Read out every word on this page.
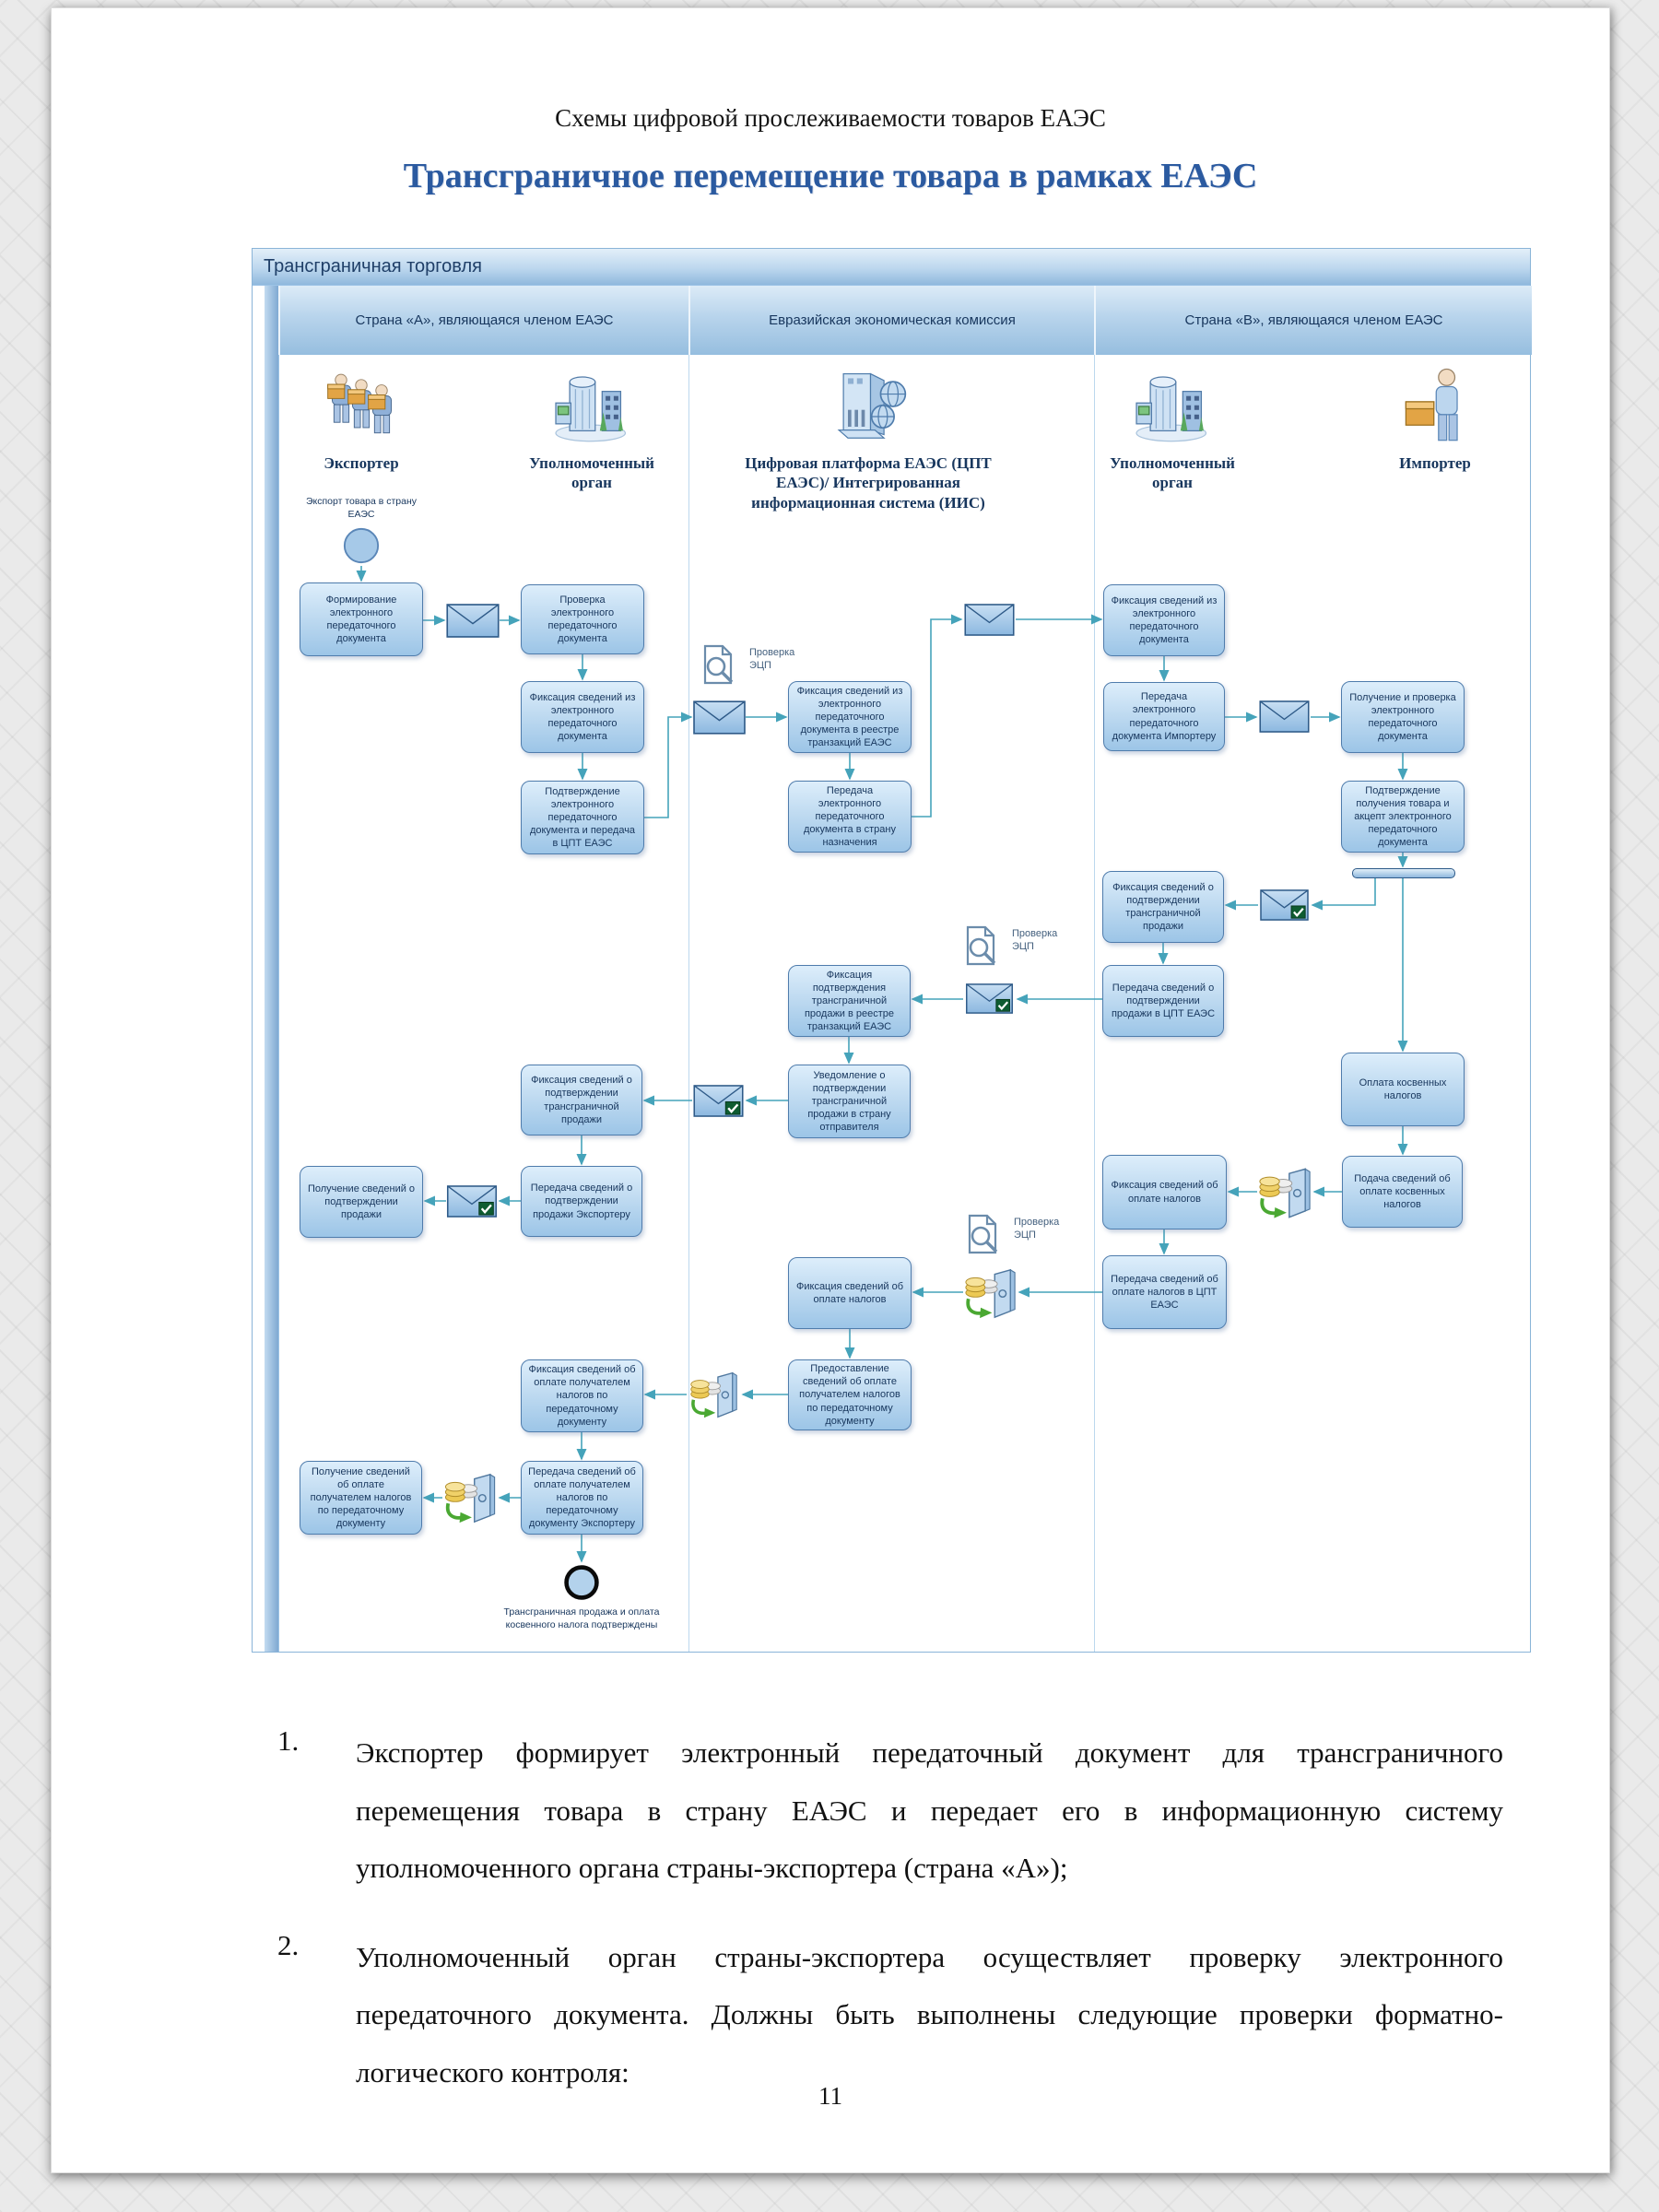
Схемы цифровой прослеживаемости товаров ЕАЭС
Трансграничное перемещение товара в рамках ЕАЭС
Трансграничная торговля
Страна «А», являющаяся членом ЕАЭС	Евразийская экономическая комиссия	Страна «В», являющаяся членом ЕАЭС
Экспортер
Экспорт товара в страну ЕАЭС
Уполномоченный орган
Цифровая платформа ЕАЭС (ЦПТ ЕАЭС)/ Интегрированная информационная система (ИИС)
Уполномоченный орган
Импортер
Трансграничная продажа и оплата косвенного налога подтверждены
Формирование электронного передаточного документа
Проверка электронного передаточного документа
Фиксация сведений из электронного передаточного документа
Подтверждение электронного передаточного документа и передача в ЦПТ ЕАЭС
Фиксация сведений из электронного передаточного документа в реестре транзакций ЕАЭС
Передача электронного передаточного документа в страну назначения
Фиксация сведений из электронного передаточного документа
Передача электронного передаточного документа Импортеру
Получение и проверка электронного передаточного документа
Подтверждение получения товара и акцепт электронного передаточного документа
Фиксация сведений о подтверждении трансграничной продажи
Передача сведений о подтверждении продажи в ЦПТ ЕАЭС
Оплата косвенных налогов
Подача сведений об оплате косвенных налогов
Фиксация сведений об оплате налогов
Передача сведений об оплате налогов в ЦПТ ЕАЭС
Фиксация подтверждения трансграничной продажи в реестре транзакций ЕАЭС
Уведомление о подтверждении трансграничной продажи в страну отправителя
Фиксация сведений о подтверждении трансграничной продажи
Передача сведений о подтверждении продажи Экспортеру
Получение сведений о подтверждении продажи
Фиксация сведений об оплате налогов
Предоставление сведений об оплате получателем налогов по передаточному документу
Фиксация сведений об оплате получателем налогов по передаточному документу
Передача сведений об оплате получателем налогов по передаточному документу Экспортеру
Получение сведений об оплате получателем налогов по передаточному документу
Проверка ЭЦП
Проверка ЭЦП
Проверка ЭЦП
1.	Экспортер формирует электронный передаточный документ для трансграничного перемещения товара в страну ЕАЭС и передает его в информационную систему уполномоченного органа страны-экспортера (страна «А»);
2.	Уполномоченный орган страны-экспортера осуществляет проверку электронного передаточного документа. Должны быть выполнены следующие проверки форматно-логического контроля:
11
